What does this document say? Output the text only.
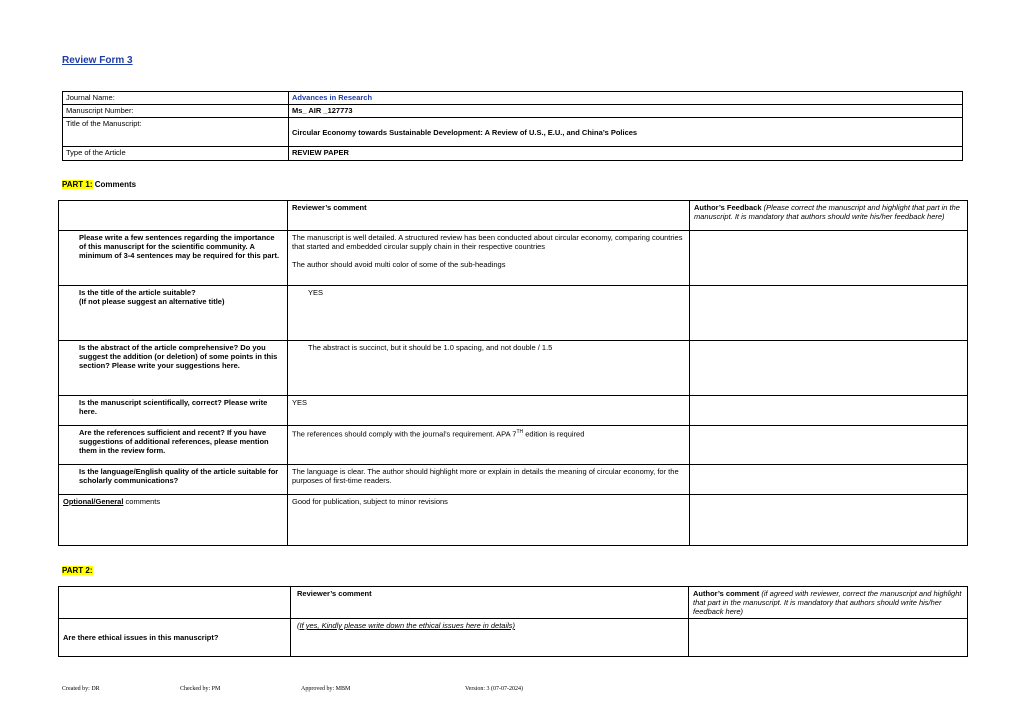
Review Form 3
Journal Name:	Advances in Research
Manuscript Number:	Ms_ AIR _127773
Title of the Manuscript:	Circular Economy towards Sustainable Development: A Review of U.S., E.U., and China’s Polices
Type of the Article	REVIEW PAPER
PART 1: Comments
	Reviewer’s comment	Author’s Feedback (Please correct the manuscript and highlight that part in the manuscript. It is mandatory that authors should write his/her feedback here)
Please write a few sentences regarding the importance of this manuscript for the scientific community. A minimum of 3-4 sentences may be required for this part.	The manuscript is well detailed. A structured review has been conducted about circular economy, comparing countries that started and embedded circular supply chain in their respective countries

The author should avoid multi color of some of the sub-headings	

Is the title of the article suitable?
(If not please suggest an alternative title)	YES	
Is the abstract of the article comprehensive? Do you suggest the addition (or deletion) of some points in this section? Please write your suggestions here.	The abstract is succinct, but it should be 1.0 spacing, and not double / 1.5	
Is the manuscript scientifically, correct? Please write here.	YES	
Are the references sufficient and recent? If you have suggestions of additional references, please mention them in the review form.	The references should comply with the journal’s requirement. APA 7TH edition is required	
Is the language/English quality of the article suitable for scholarly communications?	The language is clear. The author should highlight more or explain in details the meaning of circular economy, for the purposes of first-time readers.	
Optional/General comments	Good for publication, subject to minor revisions	
PART 2:
	Reviewer’s comment	Author’s comment (if agreed with reviewer, correct the manuscript and highlight that part in the manuscript. It is mandatory that authors should write his/her feedback here)
Are there ethical issues in this manuscript?	(If yes, Kindly please write down the ethical issues here in details)	
Created by: DR	Checked by: PM	Approved by: MBM	Version: 3 (07-07-2024)
